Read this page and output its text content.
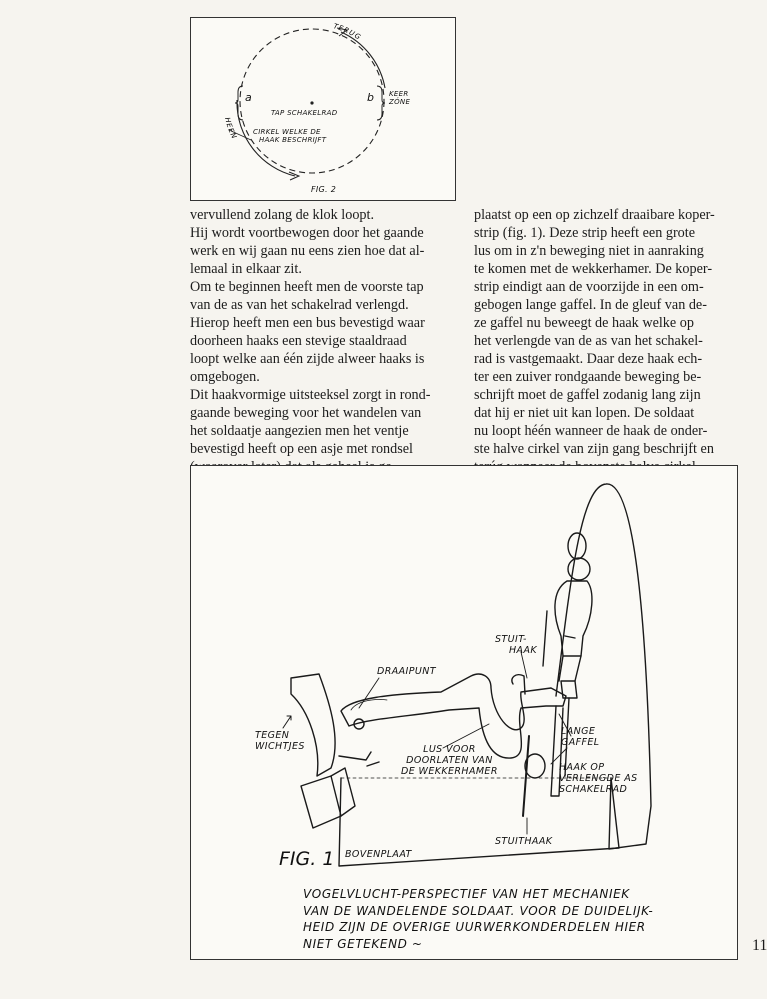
TERUG
HEEN
KEER
ZÓNE
a	b
TAP SCHAKELRAD
CIRKEL WELKE DE
HAAK BESCHRIJFT
FIG. 2

vervullend zolang de klok loopt.

Hij wordt voortbewogen door het gaande

werk en wij gaan nu eens zien hoe dat al-

lemaal in elkaar zit.

Om te beginnen heeft men de voorste tap

van de as van het schakelrad verlengd.

Hierop heeft men een bus bevestigd waar

doorheen haaks een stevige staaldraad

loopt welke aan één zijde alweer haaks is

omgebogen.

Dit haakvormige uitsteeksel zorgt in rond-

gaande beweging voor het wandelen van

het soldaatje aangezien men het ventje

bevestigd heeft op een asje met rondsel

plaatst op een op zichzelf draaibare koper-

strip (fig. 1). Deze strip heeft een grote

lus om in z'n beweging niet in aanraking

te komen met de wekkerhamer. De koper-

strip eindigt aan de voorzijde in een om-

gebogen lange gaffel. In de gleuf van de-

ze gaffel nu beweegt de haak welke op

het verlengde van de as van het schakel-

rad is vastgemaakt. Daar deze haak ech-

ter een zuiver rondgaande beweging be-

schrijft moet de gaffel zodanig lang zijn

dat hij er niet uit kan lopen. De soldaat

nu loopt héén wanneer de haak de onder-

ste halve cirkel van zijn gang beschrijft en

STUIT-
HAAK
DRAAIPUNT
TEGEN
WICHTJES	LUS VOOR
DOORLATEN VAN
DE WEKKERHAMER
LANGE
GAFFEL
HAAK OP
VERLENGDE AS
SCHAKELRAD
STUITHAAK
BOVENPLAAT
FIG. 1
VOGELVLUCHT-PERSPECTIEF VAN HET MECHANIEK
VAN DE WANDELENDE SOLDAAT. VOOR DE DUIDELIJK-
HEID ZIJN DE OVERIGE UURWERKONDERDELEN HIER
NIET GETEKEND ~	11
